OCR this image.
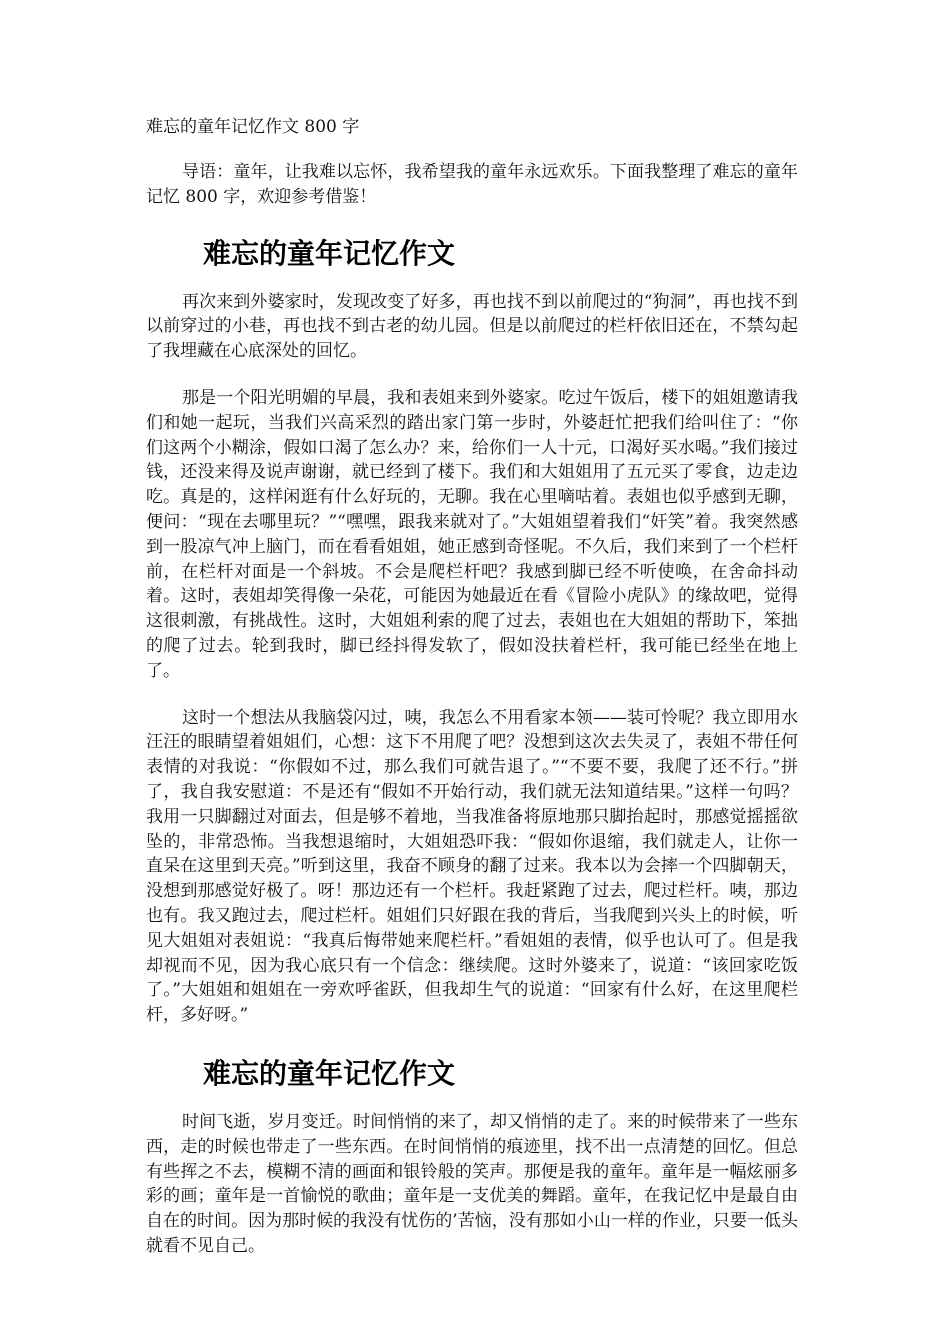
难忘的童年记忆作文 800 字

导语：童年，让我难以忘怀，我希望我的童年永远欢乐。下面我整理了难忘的童年记忆 800 字，欢迎参考借鉴！

难忘的童年记忆作文

再次来到外婆家时，发现改变了好多，再也找不到以前爬过的“狗洞”，再也找不到以前穿过的小巷，再也找不到古老的幼儿园。但是以前爬过的栏杆依旧还在，不禁勾起了我埋藏在心底深处的回忆。

那是一个阳光明媚的早晨，我和表姐来到外婆家。吃过午饭后，楼下的姐姐邀请我们和她一起玩，当我们兴高采烈的踏出家门第一步时，外婆赶忙把我们给叫住了：“你们这两个小糊涂，假如口渴了怎么办？来，给你们一人十元，口渴好买水喝。”我们接过钱，还没来得及说声谢谢，就已经到了楼下。我们和大姐姐用了五元买了零食，边走边吃。真是的，这样闲逛有什么好玩的，无聊。我在心里嘀咕着。表姐也似乎感到无聊，便问：“现在去哪里玩？”“嘿嘿，跟我来就对了。”大姐姐望着我们“奸笑”着。我突然感到一股凉气冲上脑门，而在看看姐姐，她正感到奇怪呢。不久后，我们来到了一个栏杆前，在栏杆对面是一个斜坡。不会是爬栏杆吧？我感到脚已经不听使唤，在舍命抖动着。这时，表姐却笑得像一朵花，可能因为她最近在看《冒险小虎队》的缘故吧，觉得这很刺激，有挑战性。这时，大姐姐利索的爬了过去，表姐也在大姐姐的帮助下，笨拙的爬了过去。轮到我时，脚已经抖得发软了，假如没扶着栏杆，我可能已经坐在地上了。

这时一个想法从我脑袋闪过，咦，我怎么不用看家本领——装可怜呢？我立即用水汪汪的眼睛望着姐姐们，心想：这下不用爬了吧？没想到这次去失灵了，表姐不带任何表情的对我说：“你假如不过，那么我们可就告退了。”“不要不要，我爬了还不行。”拼了，我自我安慰道：不是还有“假如不开始行动，我们就无法知道结果。”这样一句吗？我用一只脚翻过对面去，但是够不着地，当我准备将原地那只脚抬起时，那感觉摇摇欲坠的，非常恐怖。当我想退缩时，大姐姐恐吓我：“假如你退缩，我们就走人，让你一直呆在这里到天亮。”听到这里，我奋不顾身的翻了过来。我本以为会摔一个四脚朝天，没想到那感觉好极了。呀！那边还有一个栏杆。我赶紧跑了过去，爬过栏杆。咦，那边也有。我又跑过去，爬过栏杆。姐姐们只好跟在我的背后，当我爬到兴头上的时候，听见大姐姐对表姐说：“我真后悔带她来爬栏杆。”看姐姐的表情，似乎也认可了。但是我却视而不见，因为我心底只有一个信念：继续爬。这时外婆来了，说道：“该回家吃饭了。”大姐姐和姐姐在一旁欢呼雀跃，但我却生气的说道：“回家有什么好，在这里爬栏杆，多好呀。”

难忘的童年记忆作文

时间飞逝，岁月变迁。时间悄悄的来了，却又悄悄的走了。来的时候带来了一些东西，走的时候也带走了一些东西。在时间悄悄的痕迹里，找不出一点清楚的回忆。但总有些挥之不去，模糊不清的画面和银铃般的笑声。那便是我的童年。童年是一幅炫丽多彩的画；童年是一首愉悦的歌曲；童年是一支优美的舞蹈。童年，在我记忆中是最自由自在的时间。因为那时候的我没有忧伤的’苦恼，没有那如小山一样的作业，只要一低头就看不见自己。
